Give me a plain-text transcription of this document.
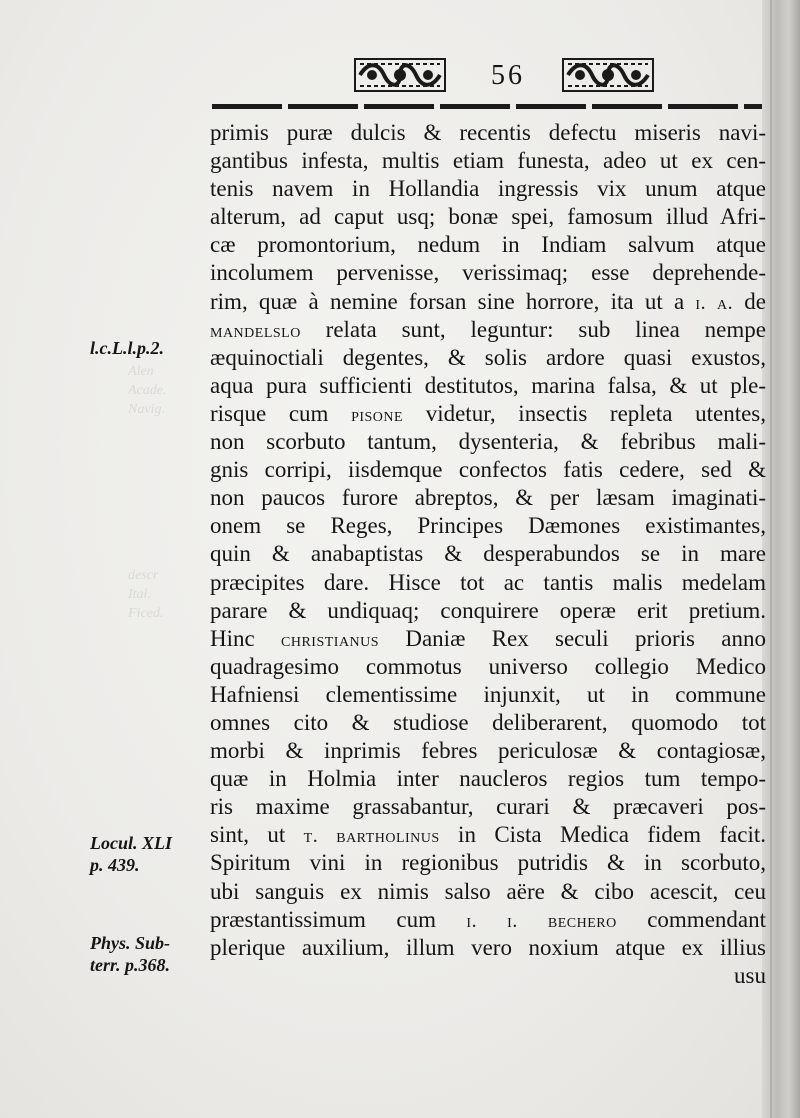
Alen
Acade.
Navig.
descr
Ital.
Ficed.
56
primis puræ dulcis & recentis defectu miseris navi-
gantibus infesta, multis etiam funesta, adeo ut ex cen-
tenis navem in Hollandia ingressis vix unum atque
alterum, ad caput usq; bonæ spei, famosum illud Afri-
cæ promontorium, nedum in Indiam salvum atque
incolumem pervenisse, verissimaq; esse deprehende-
rim, quæ à nemine forsan sine horrore, ita ut a i. a. de
mandelslo relata sunt, leguntur: sub linea nempe
æquinoctiali degentes, & solis ardore quasi exustos,
aqua pura sufficienti destitutos, marina falsa, & ut ple-
risque cum pisone videtur, insectis repleta utentes,
non scorbuto tantum, dysenteria, & febribus mali-
gnis corripi, iisdemque confectos fatis cedere, sed &
non paucos furore abreptos, & per læsam imaginati-
onem se Reges, Principes Dæmones existimantes,
quin & anabaptistas & desperabundos se in mare
præcipites dare. Hisce tot ac tantis malis medelam
parare & undiquaq; conquirere operæ erit pretium.
Hinc christianus Daniæ Rex seculi prioris anno
quadragesimo commotus universo collegio Medico
Hafniensi clementissime injunxit, ut in commune
omnes cito & studiose deliberarent, quomodo tot
morbi & inprimis febres periculosæ & contagiosæ,
quæ in Holmia inter naucleros regios tum tempo-
ris maxime grassabantur, curari & præcaveri pos-
sint, ut t. bartholinus in Cista Medica fidem facit.
Spiritum vini in regionibus putridis & in scorbuto,
ubi sanguis ex nimis salso aëre & cibo acescit, ceu
præstantissimum cum i. i. bechero commendant
plerique auxilium, illum vero noxium atque ex illius
usu
l.c.L.l.p.2.
Locul. XLI
p. 439.
Phys. Sub-
terr. p.368.
